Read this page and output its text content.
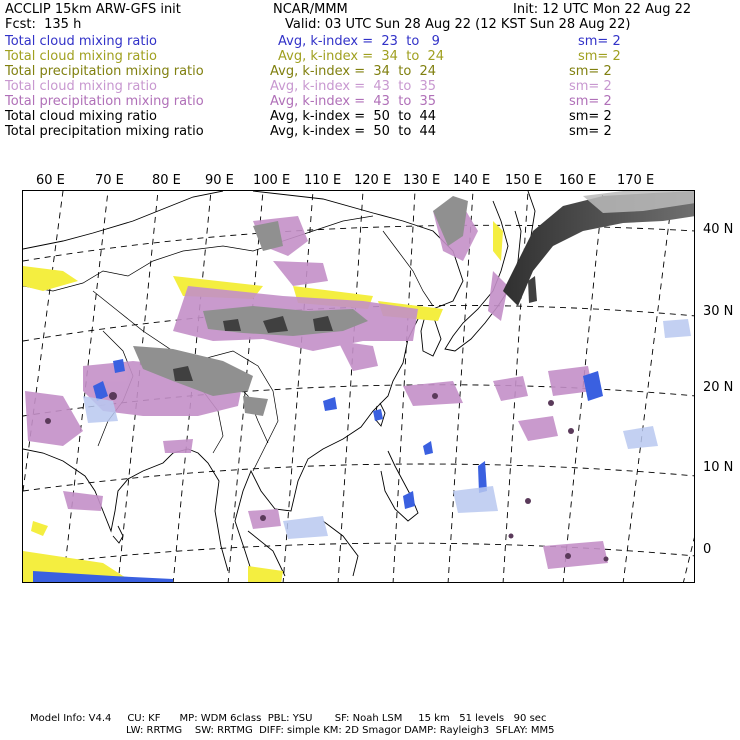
ACCLIP 15km ARW-GFS init	NCAR/MMM	Init: 12 UTC Mon 22 Aug 22
Fcst:  135 h	Valid: 03 UTC Sun 28 Aug 22 (12 KST Sun 28 Aug 22)
Total cloud mixing ratio	Avg, k-index =  23  to   9	sm= 2
Total cloud mixing ratio	Avg, k-index =  34  to  24	sm= 2
Total precipitation mixing ratio	Avg, k-index =  34  to  24	sm= 2
Total cloud mixing ratio	Avg, k-index =  43  to  35	sm= 2
Total precipitation mixing ratio	Avg, k-index =  43  to  35	sm= 2
Total cloud mixing ratio	Avg, k-index =  50  to  44	sm= 2
Total precipitation mixing ratio	Avg, k-index =  50  to  44	sm= 2
60 E 70 E 80 E 90 E 100 E 110 E 120 E 130 E 140 E 150 E 160 E 170 E
40 N
30 N
20 N
10 N
0
Model Info: V4.4     CU: KF      MP: WDM 6class  PBL: YSU       SF: Noah LSM     15 km   51 levels   90 sec
LW: RRTMG    SW: RRTMG  DIFF: simple KM: 2D Smagor DAMP: Rayleigh3  SFLAY: MM5
